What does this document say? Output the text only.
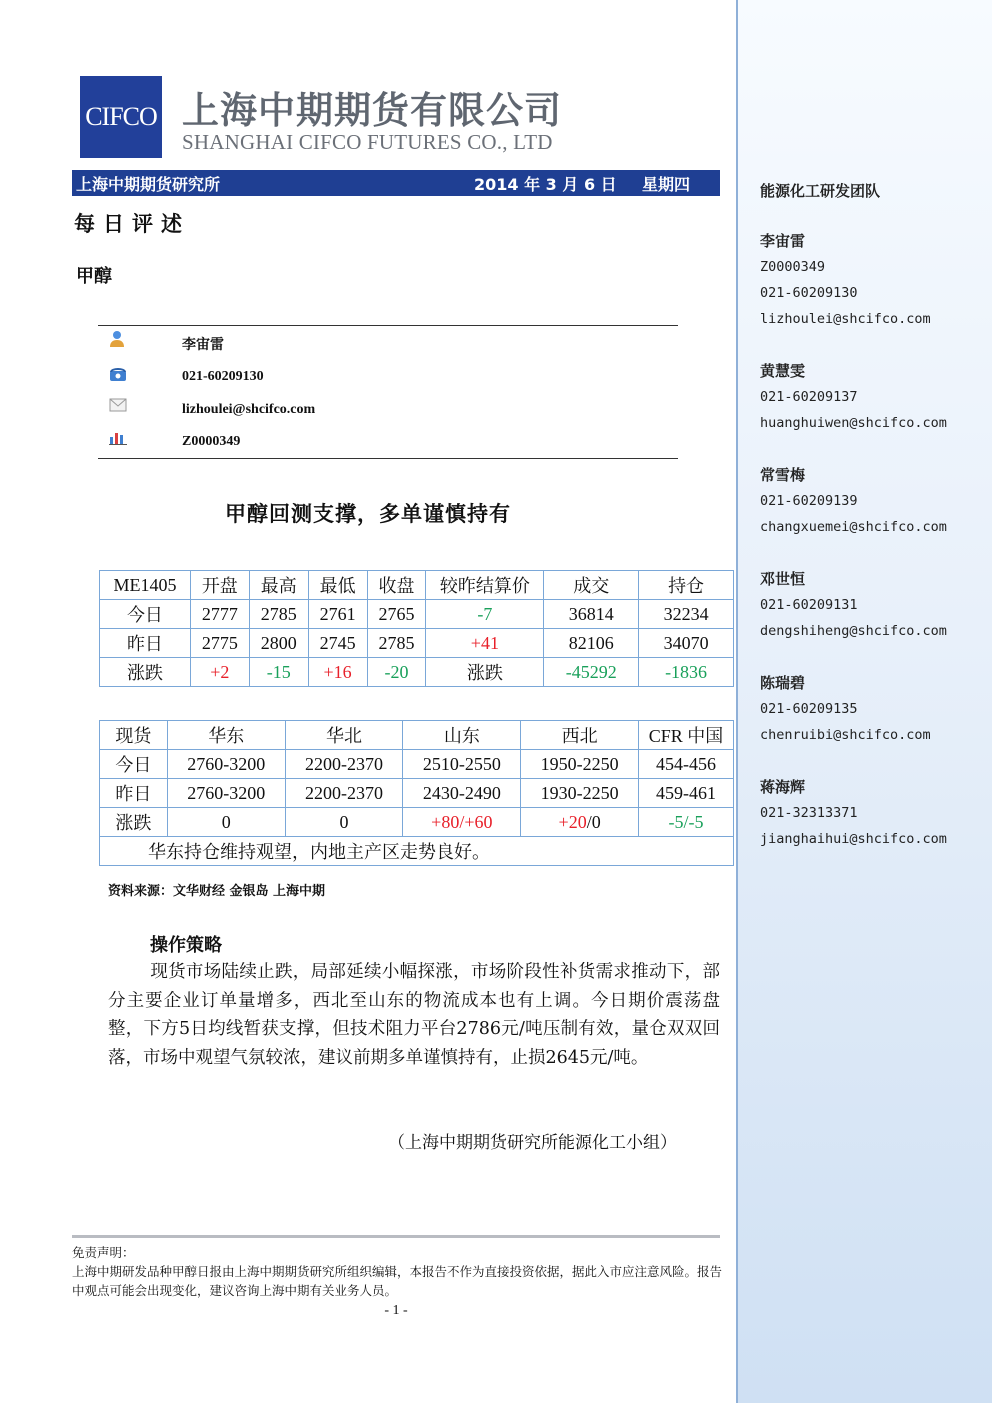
能源化工研发团队
李宙雷
Z0000349
021-60209130
lizhoulei@shcifco.com
黄慧雯
021-60209137
huanghuiwen@shcifco.com
常雪梅
021-60209139
changxuemei@shcifco.com
邓世恒
021-60209131
dengshiheng@shcifco.com
陈瑞碧
021-60209135
chenruibi@shcifco.com
蒋海辉
021-32313371
jianghaihui@shcifco.com
CIFCO 上海中期期货有限公司
SHANGHAI CIFCO FUTURES CO., LTD
上海中期期货研究所	2014 年 3 月 6 日 星期四
每日评述
甲醇
李宙雷
021-60209130
lizhoulei@shcifco.com
Z0000349
甲醇回测支撑，多单谨慎持有
ME1405	开盘	最高	最低	收盘	较昨结算价	成交	持仓
今日	2777	2785	2761	2765	-7	36814	32234
昨日	2775	2800	2745	2785	+41	82106	34070
涨跌	+2	-15	+16	-20	涨跌	-45292	-1836
现货	华东	华北	山东	西北	CFR 中国
今日	2760-3200	2200-2370	2510-2550	1950-2250	454-456
昨日	2760-3200	2200-2370	2430-2490	1930-2250	459-461
涨跌	0	0	+80/+60	+20/0	-5/-5
华东持仓维持观望，内地主产区走势良好。					
资料来源：文华财经 金银岛 上海中期
操作策略
现货市场陆续止跌，局部延续小幅探涨，市场阶段性补货需求推动下，部分主要企业订单量增多，西北至山东的物流成本也有上调。今日期价震荡盘整，下方5日均线暂获支撑，但技术阻力平台2786元/吨压制有效，量仓双双回落，市场中观望气氛较浓，建议前期多单谨慎持有，止损2645元/吨。
（上海中期期货研究所能源化工小组）
免责声明：
上海中期研发品种甲醇日报由上海中期期货研究所组织编辑，本报告不作为直接投资依据，据此入市应注意风险。报告中观点可能会出现变化，建议咨询上海中期有关业务人员。
- 1 -
